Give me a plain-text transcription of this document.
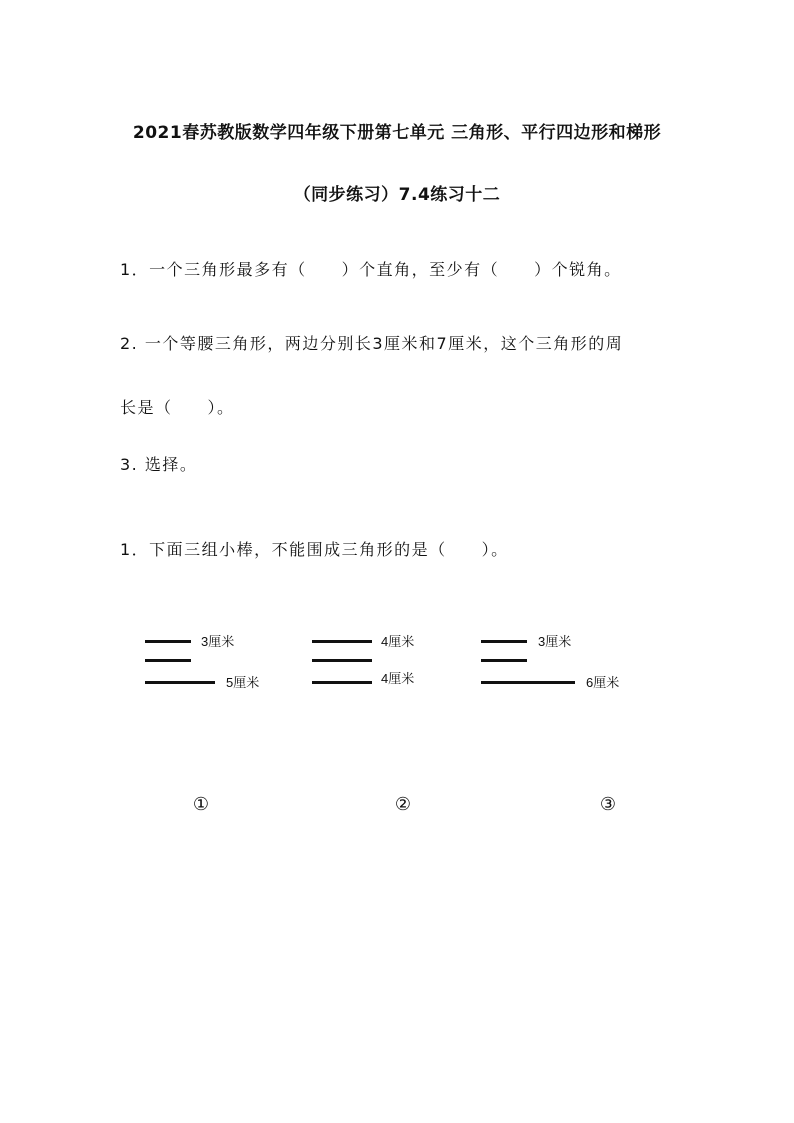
2021春苏教版数学四年级下册第七单元 三角形、平行四边形和梯形
（同步练习）7.4练习十二
1．一个三角形最多有（　　）个直角，至少有（　　）个锐角。
2. 一个等腰三角形，两边分别长3厘米和7厘米，这个三角形的周
长是（　　）。
3. 选择。
1．下面三组小棒，不能围成三角形的是（　　）。
3厘米
5厘米
4厘米
4厘米
3厘米
6厘米
①	②	③
